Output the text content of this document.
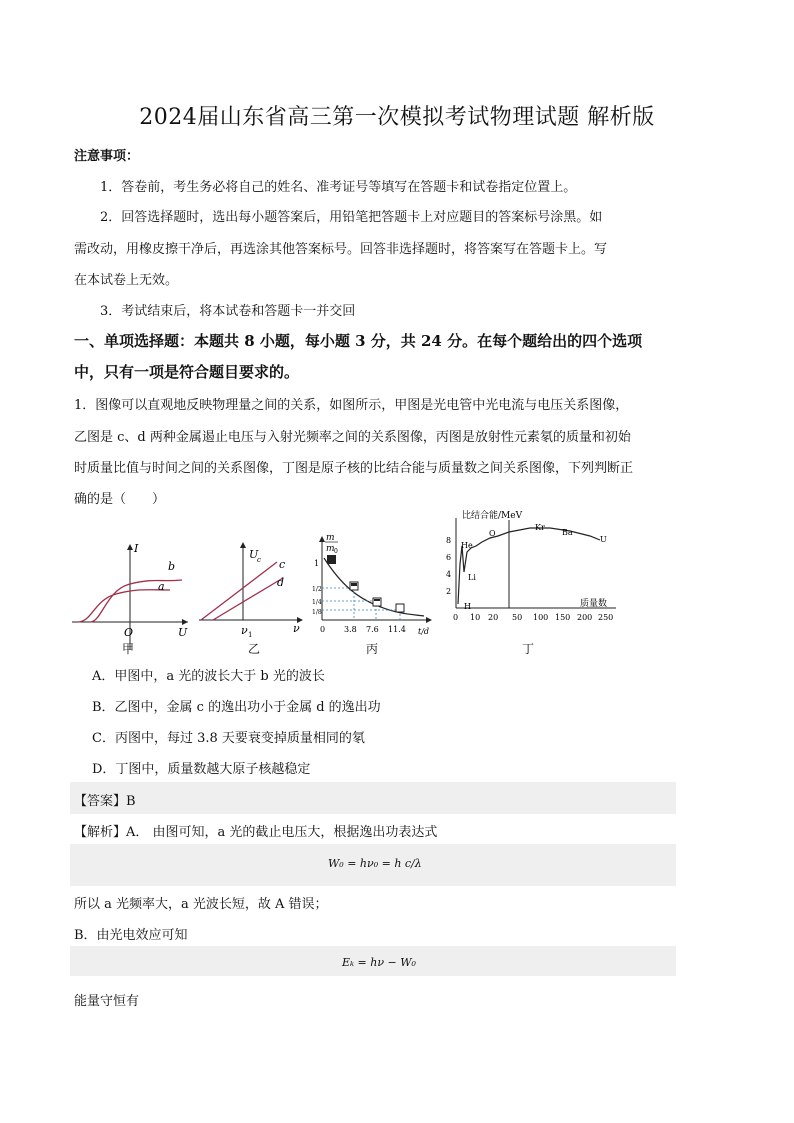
2024届山东省高三第一次模拟考试物理试题 解析版
注意事项：
1．答卷前，考生务必将自己的姓名、准考证号等填写在答题卡和试卷指定位置上。
2．回答选择题时，选出每小题答案后，用铅笔把答题卡上对应题目的答案标号涂黑。如
需改动，用橡皮擦干净后，再选涂其他答案标号。回答非选择题时，将答案写在答题卡上。写
在本试卷上无效。
3．考试结束后，将本试卷和答题卡一并交回
一、单项选择题：本题共 8 小题，每小题 3 分，共 24 分。在每个题给出的四个选项
中，只有一项是符合题目要求的。
1．图像可以直观地反映物理量之间的关系，如图所示，甲图是光电管中光电流与电压关系图像，
乙图是 c、d 两种金属遏止电压与入射光频率之间的关系图像，丙图是放射性元素氡的质量和初始
时质量比值与时间之间的关系图像，丁图是原子核的比结合能与质量数之间关系图像，下列判断正
确的是（　　）
b
a
I
U
O
甲
c
d
U
c
ν
ν 1
乙
m
m 0
1
1/2
1/4
1/8
0 3.8 7.6 11.4 t/d
丙
比结合能/MeV
8
6
4
2
0 10 20 50 100 150 200 250
质量数
He
O
Kr
Ba
U
Li
H
丁
A．甲图中，a 光的波长大于 b 光的波长
B．乙图中，金属 c 的逸出功小于金属 d 的逸出功
C．丙图中，每过 3.8 天要衰变掉质量相同的氡
D．丁图中，质量数越大原子核越稳定
【答案】B
【解析】A． 由图可知，a 光的截止电压大，根据逸出功表达式
W₀ = hν₀ = h c/λ
所以 a 光频率大，a 光波长短，故 A 错误；
B．由光电效应可知
Eₖ = hν − W₀
能量守恒有
